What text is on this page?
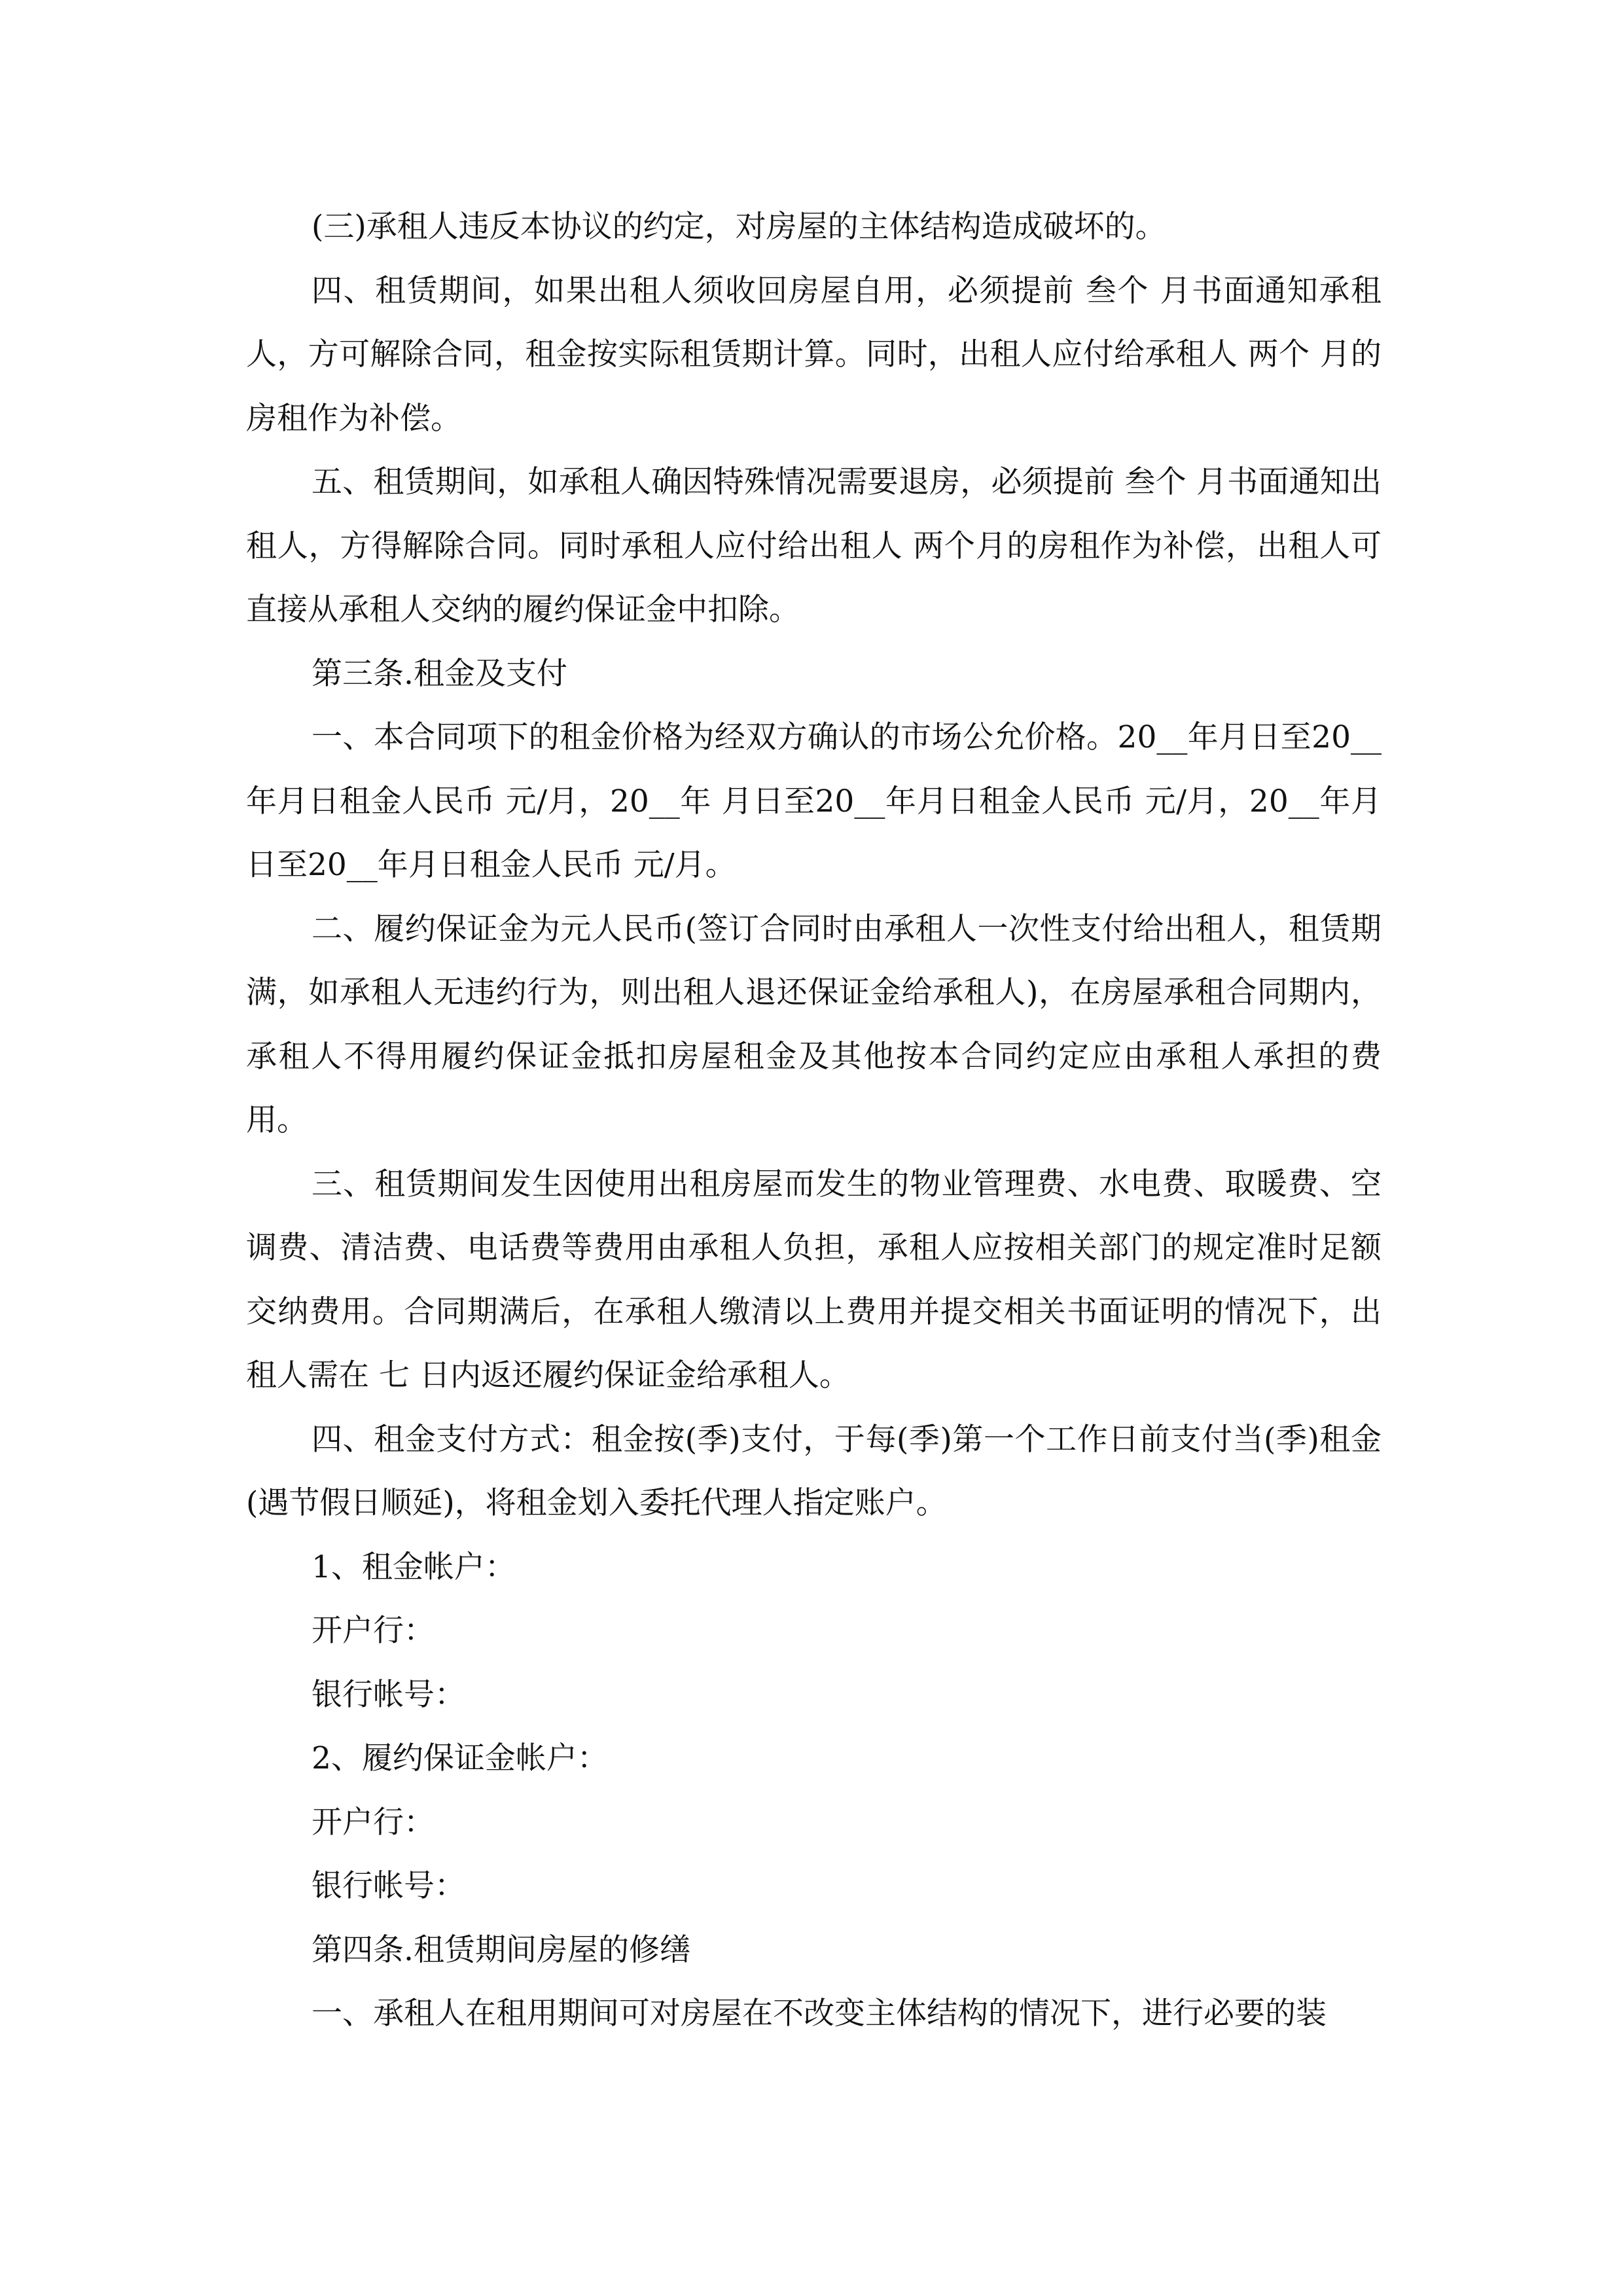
(三)承租人违反本协议的约定，对房屋的主体结构造成破坏的。

四、租赁期间，如果出租人须收回房屋自用，必须提前 叁个 月书面通知承租人，方可解除合同，租金按实际租赁期计算。同时，出租人应付给承租人 两个 月的房租作为补偿。

五、租赁期间，如承租人确因特殊情况需要退房，必须提前 叁个 月书面通知出租人，方得解除合同。同时承租人应付给出租人 两个月的房租作为补偿，出租人可直接从承租人交纳的履约保证金中扣除。

第三条.租金及支付

一、本合同项下的租金价格为经双方确认的市场公允价格。20__年月日至20__年月日租金人民币 元/月，20__年 月日至20__年月日租金人民币 元/月，20__年月日至20__年月日租金人民币 元/月。

二、履约保证金为元人民币(签订合同时由承租人一次性支付给出租人，租赁期满，如承租人无违约行为，则出租人退还保证金给承租人)，在房屋承租合同期内，承租人不得用履约保证金抵扣房屋租金及其他按本合同约定应由承租人承担的费用。

三、租赁期间发生因使用出租房屋而发生的物业管理费、水电费、取暖费、空调费、清洁费、电话费等费用由承租人负担，承租人应按相关部门的规定准时足额交纳费用。合同期满后，在承租人缴清以上费用并提交相关书面证明的情况下，出租人需在 七 日内返还履约保证金给承租人。

四、租金支付方式：租金按(季)支付，于每(季)第一个工作日前支付当(季)租金(遇节假日顺延)，将租金划入委托代理人指定账户。

1、租金帐户：

开户行：

银行帐号：

2、履约保证金帐户：

开户行：

银行帐号：

第四条.租赁期间房屋的修缮

一、承租人在租用期间可对房屋在不改变主体结构的情况下，进行必要的装
